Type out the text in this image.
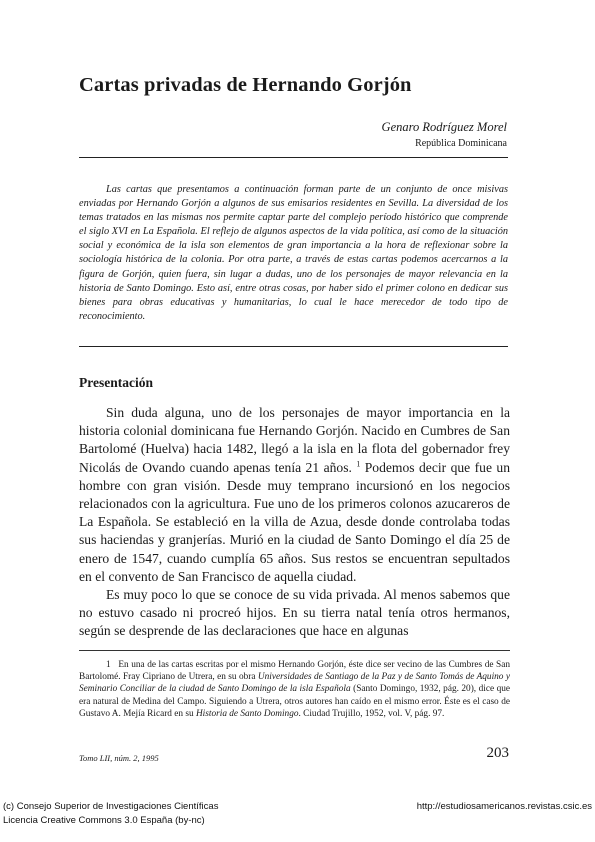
Cartas privadas de Hernando Gorjón
Genaro Rodríguez Morel
República Dominicana

Las cartas que presentamos a continuación forman parte de un conjunto de once misivas enviadas por Hernando Gorjón a algunos de sus emisarios residentes en Sevilla. La diversidad de los temas tratados en las mismas nos permite captar parte del complejo período histórico que comprende el siglo XVI en La Española. El reflejo de algunos aspectos de la vida política, así como de la situación social y económica de la isla son elementos de gran importancia a la hora de reflexionar sobre la sociología histórica de la colonia. Por otra parte, a través de estas cartas podemos acercarnos a la figura de Gorjón, quien fuera, sin lugar a dudas, uno de los personajes de mayor relevancia en la historia de Santo Domingo. Esto así, entre otras cosas, por haber sido el primer colono en dedicar sus bienes para obras educativas y humanitarias, lo cual le hace merecedor de todo tipo de reconocimiento.

Presentación

Sin duda alguna, uno de los personajes de mayor importancia en la historia colonial dominicana fue Hernando Gorjón. Nacido en Cumbres de San Bartolomé (Huelva) hacia 1482, llegó a la isla en la flota del gobernador frey Nicolás de Ovando cuando apenas tenía 21 años. $^1$ Podemos decir que fue un hombre con gran visión. Desde muy temprano incursionó en los negocios relacionados con la agricultura. Fue uno de los primeros colonos azucareros de La Española. Se estableció en la villa de Azua, desde donde controlaba todas sus haciendas y granjerías. Murió en la ciudad de Santo Domingo el día 25 de enero de 1547, cuando cumplía 65 años. Sus restos se encuentran sepultados en el convento de San Francisco de aquella ciudad.

Es muy poco lo que se conoce de su vida privada. Al menos sabemos que no estuvo casado ni procreó hijos. En su tierra natal tenía otros hermanos, según se desprende de las declaraciones que hace en algunas

1 En una de las cartas escritas por el mismo Hernando Gorjón, éste dice ser vecino de las Cumbres de San Bartolomé. Fray Cipriano de Utrera, en su obra Universidades de Santiago de la Paz y de Santo Tomás de Aquino y Seminario Conciliar de la ciudad de Santo Domingo de la isla Española (Santo Domingo, 1932, pág. 20), dice que era natural de Medina del Campo. Siguiendo a Utrera, otros autores han caído en el mismo error. Éste es el caso de Gustavo A. Mejía Ricard en su Historia de Santo Domingo. Ciudad Trujillo, 1952, vol. V, pág. 97.

Tomo LII, núm. 2, 1995	203
(c) Consejo Superior de Investigaciones Científicas
Licencia Creative Commons 3.0 España (by-nc)
http://estudiosamericanos.revistas.csic.es
